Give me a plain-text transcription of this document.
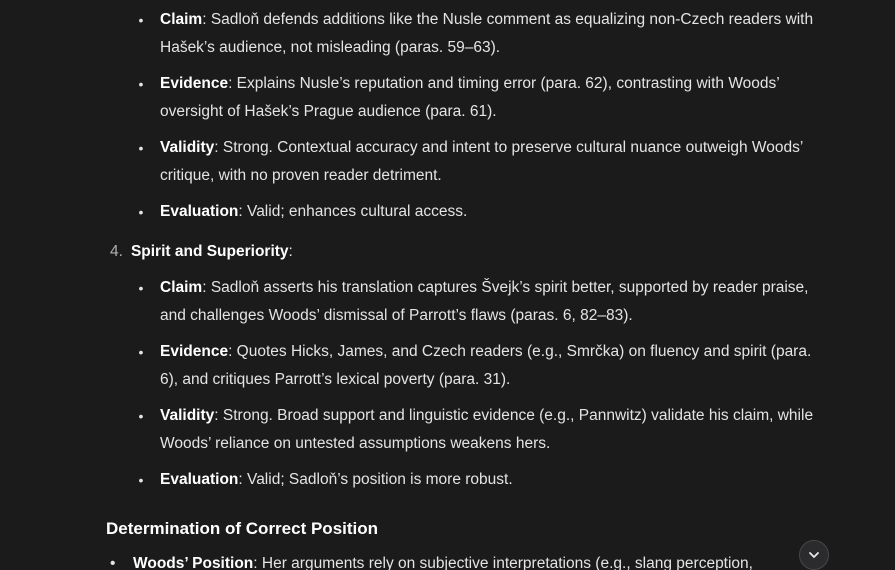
• Claim: Sadloň defends additions like the Nusle comment as equalizing non-Czech readers with Hašek’s audience, not misleading (paras. 59–63).
• Evidence: Explains Nusle’s reputation and timing error (para. 62), contrasting with Woods’ oversight of Hašek’s Prague audience (para. 61).
• Validity: Strong. Contextual accuracy and intent to preserve cultural nuance outweigh Woods’ critique, with no proven reader detriment.
• Evaluation: Valid; enhances cultural access.
4. Spirit and Superiority:
• Claim: Sadloň asserts his translation captures Švejk’s spirit better, supported by reader praise, and challenges Woods’ dismissal of Parrott’s flaws (paras. 6, 82–83).
• Evidence: Quotes Hicks, James, and Czech readers (e.g., Smrčka) on fluency and spirit (para. 6), and critiques Parrott’s lexical poverty (para. 31).
• Validity: Strong. Broad support and linguistic evidence (e.g., Pannwitz) validate his claim, while Woods’ reliance on untested assumptions weakens hers.
• Evaluation: Valid; Sadloň’s position is more robust.
Determination of Correct Position
• Woods’ Position: Her arguments rely on subjective interpretations (e.g., slang perception,
